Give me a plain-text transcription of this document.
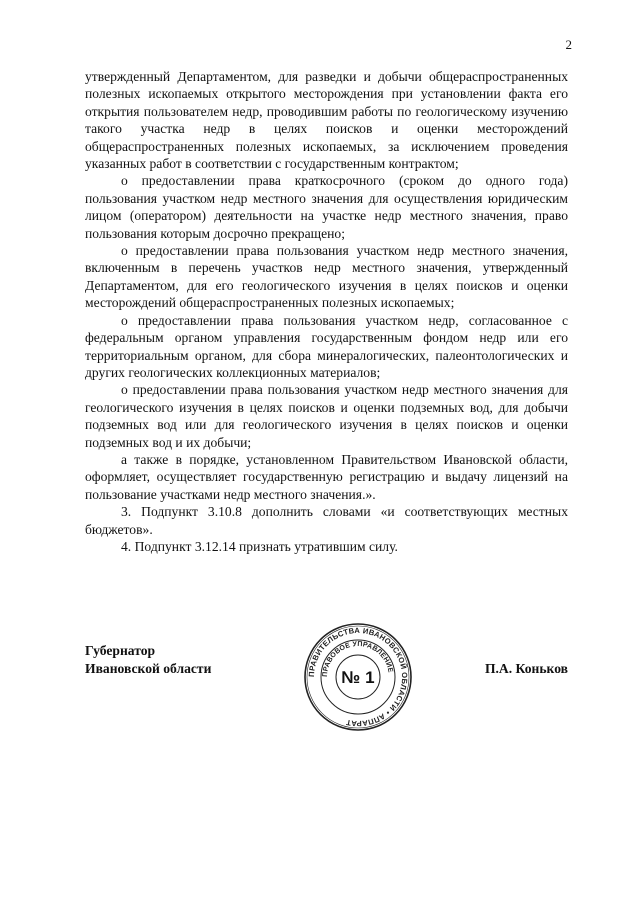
2

утвержденный Департаментом, для разведки и добычи общераспространенных полезных ископаемых открытого месторождения при установлении факта его открытия пользователем недр, проводившим работы по геологическому изучению такого участка недр в целях поисков и оценки месторождений общераспространенных полезных ископаемых, за исключением проведения указанных работ в соответствии с государственным контрактом;

о предоставлении права краткосрочного (сроком до одного года) пользования участком недр местного значения для осуществления юридическим лицом (оператором) деятельности на участке недр местного значения, право пользования которым досрочно прекращено;

о предоставлении права пользования участком недр местного значения, включенным в перечень участков недр местного значения, утвержденный Департаментом, для его геологического изучения в целях поисков и оценки месторождений общераспространенных полезных ископаемых;

о предоставлении права пользования участком недр, согласованное с федеральным органом управления государственным фондом недр или его территориальным органом, для сбора минералогических, палеонтологических и других геологических коллекционных материалов;

о предоставлении права пользования участком недр местного значения для геологического изучения в целях поисков и оценки подземных вод, для добычи подземных вод или для геологического изучения в целях поисков и оценки подземных вод и их добычи;

а также в порядке, установленном Правительством Ивановской области, оформляет, осуществляет государственную регистрацию и выдачу лицензий на пользование участками недр местного значения.».

3. Подпункт 3.10.8 дополнить словами «и соответствующих местных бюджетов».

4. Подпункт 3.12.14 признать утратившим силу.

Губернатор
Ивановской области	ПРАВИТЕЛЬСТВА ИВАНОВСКОЙ ОБЛАСТИ • АППАРАТ
ПРАВОВОЕ УПРАВЛЕНИЕ
№ 1	П.А. Коньков
